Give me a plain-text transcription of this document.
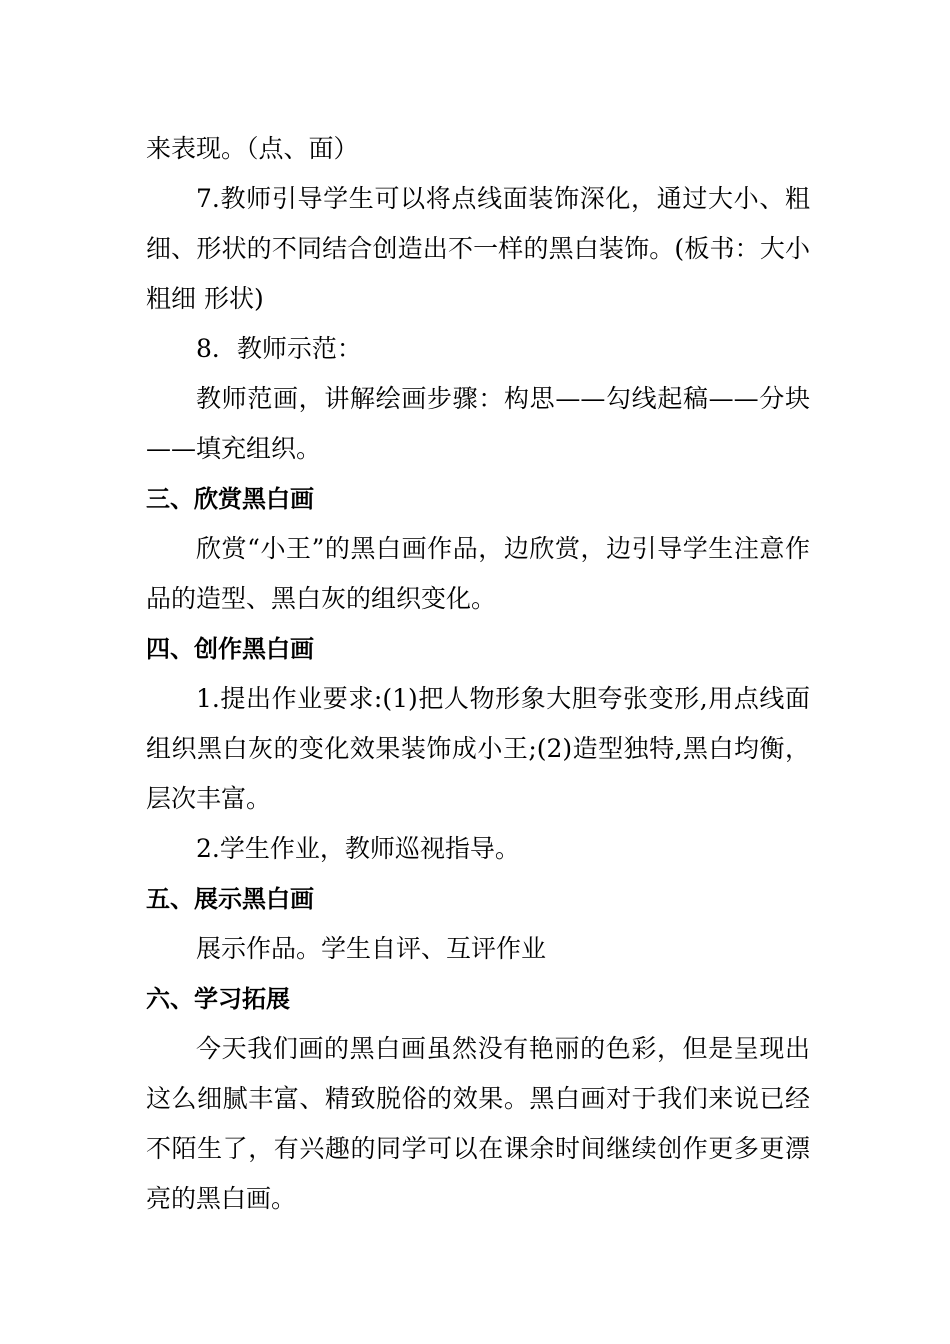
来表现。（点、面）

7.教师引导学生可以将点线面装饰深化，通过大小、粗细、形状的不同结合创造出不一样的黑白装饰。(板书：大小 粗细 形状)

8．教师示范：

教师范画，讲解绘画步骤：构思——勾线起稿——分块——填充组织。

三、欣赏黑白画

欣赏“小王”的黑白画作品，边欣赏，边引导学生注意作品的造型、黑白灰的组织变化。

四、创作黑白画

1.提出作业要求:(1)把人物形象大胆夸张变形,用点线面组织黑白灰的变化效果装饰成小王;(2)造型独特,黑白均衡，层次丰富。

2.学生作业，教师巡视指导。

五、展示黑白画

展示作品。学生自评、互评作业

六、学习拓展

今天我们画的黑白画虽然没有艳丽的色彩，但是呈现出这么细腻丰富、精致脱俗的效果。黑白画对于我们来说已经不陌生了，有兴趣的同学可以在课余时间继续创作更多更漂亮的黑白画。
